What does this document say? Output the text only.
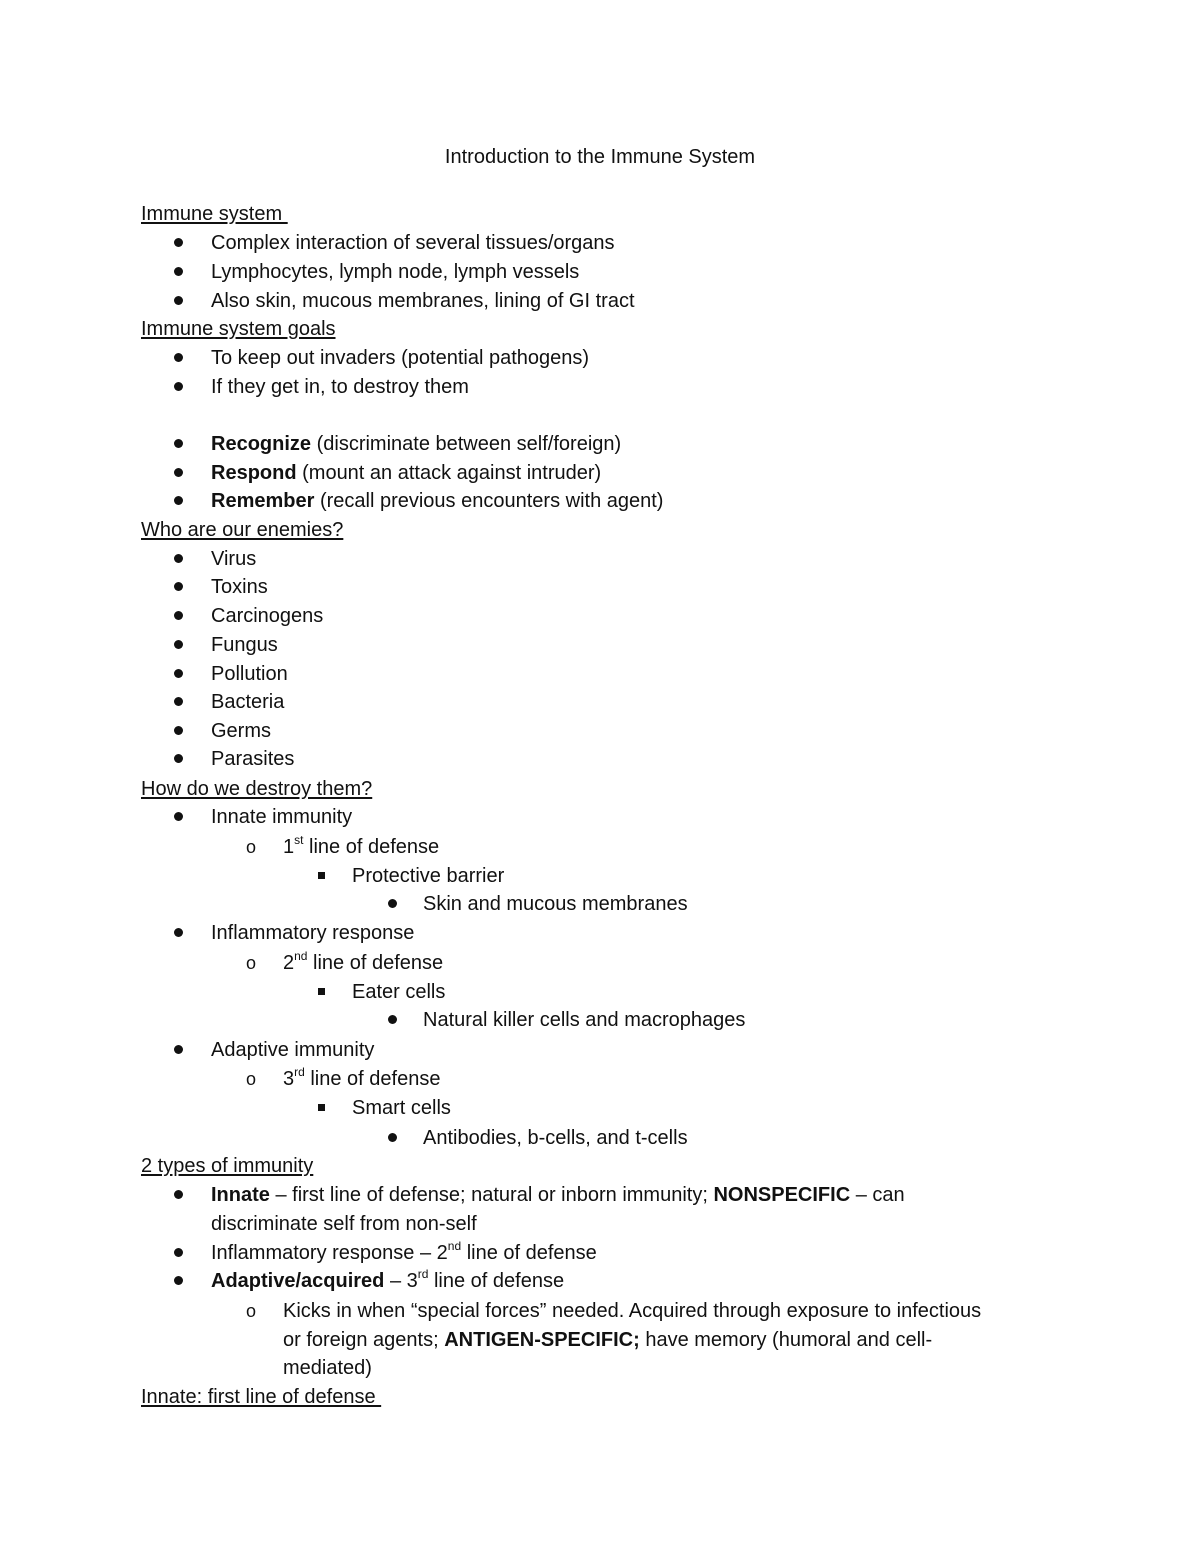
Introduction to the Immune System
Immune system
Complex interaction of several tissues/organs
Lymphocytes, lymph node, lymph vessels
Also skin, mucous membranes, lining of GI tract
Immune system goals
To keep out invaders (potential pathogens)
If they get in, to destroy them
Recognize (discriminate between self/foreign)
Respond (mount an attack against intruder)
Remember (recall previous encounters with agent)
Who are our enemies?
Virus
Toxins
Carcinogens
Fungus
Pollution
Bacteria
Germs
Parasites
How do we destroy them?
Innate immunity
o 1st line of defense
Protective barrier
Skin and mucous membranes
Inflammatory response
o 2nd line of defense
Eater cells
Natural killer cells and macrophages
Adaptive immunity
o 3rd line of defense
Smart cells
Antibodies, b-cells, and t-cells
2 types of immunity
Innate – first line of defense; natural or inborn immunity; NONSPECIFIC – can
discriminate self from non-self
Inflammatory response – 2nd line of defense
Adaptive/acquired – 3rd line of defense
o Kicks in when “special forces” needed. Acquired through exposure to infectious
or foreign agents; ANTIGEN-SPECIFIC; have memory (humoral and cell-
mediated)
Innate: first line of defense
